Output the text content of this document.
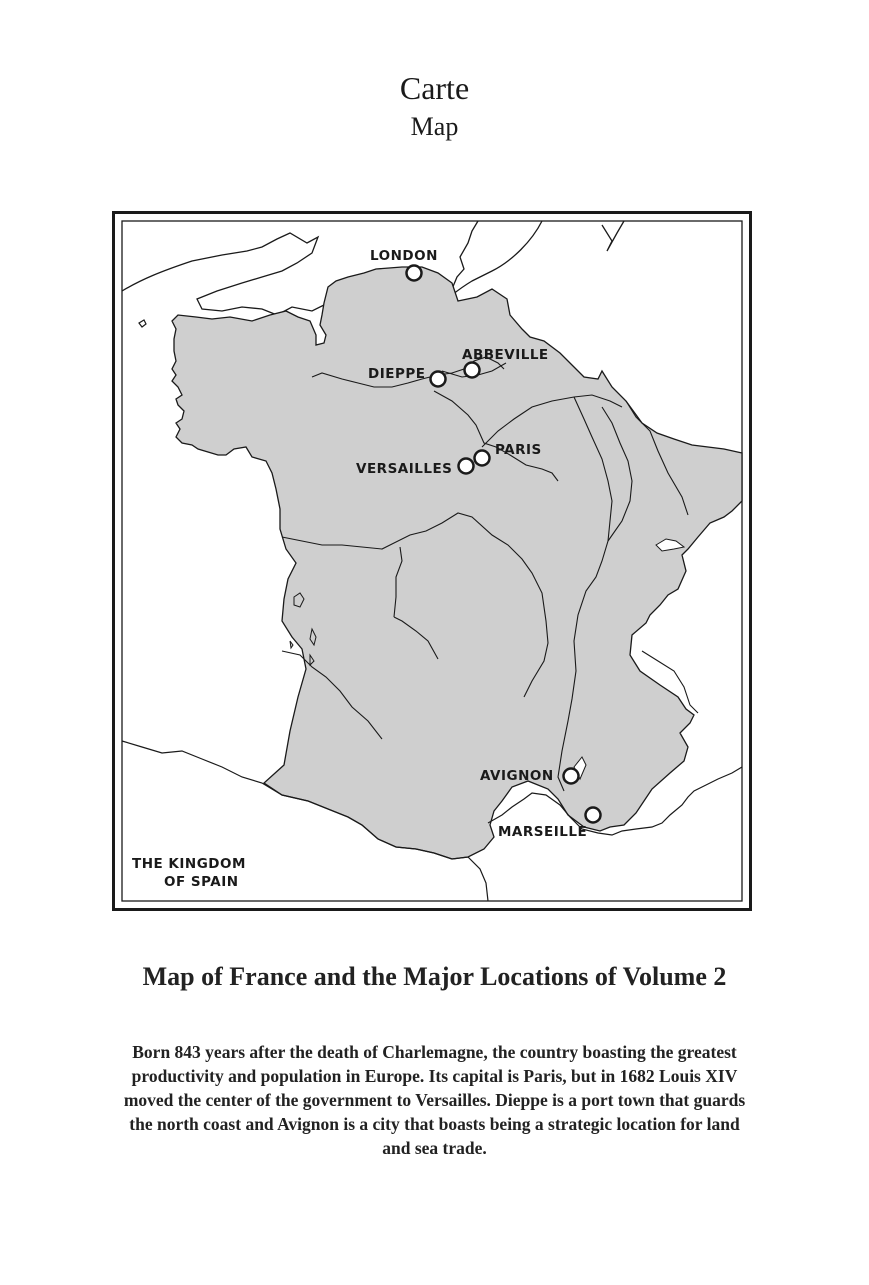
Carte
Map
LONDON
ABBEVILLE
DIEPPE
PARIS
VERSAILLES
AVIGNON
MARSEILLE
THE KINGDOM
OF SPAIN
Map of France and the Major Locations of Volume 2
Born 843 years after the death of Charlemagne, the country boasting the greatest productivity and population in Europe. Its capital is Paris, but in 1682 Louis XIV moved the center of the government to Versailles. Dieppe is a port town that guards the north coast and Avignon is a city that boasts being a strategic location for land and sea trade.
